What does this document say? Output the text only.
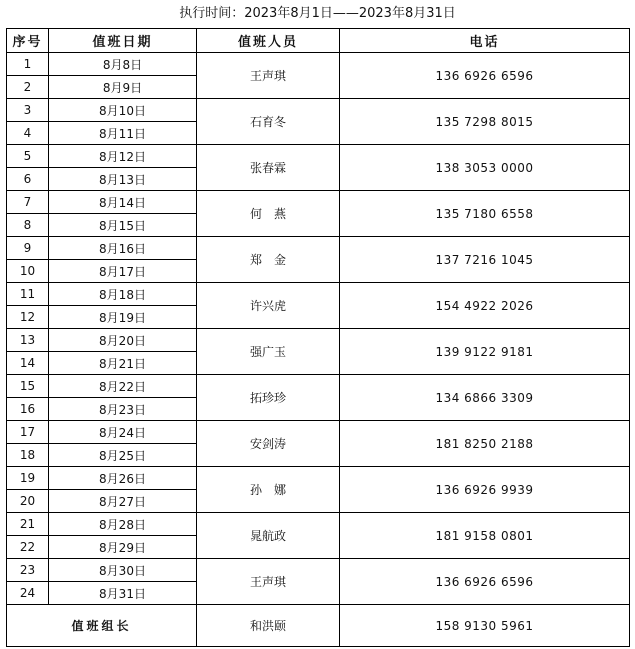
执行时间：2023年8月1日——2023年8月31日
序号	值班日期	值班人员	电话
1	8月8日	王声琪	136 6926 6596
2	8月9日		
3	8月10日	石育冬	135 7298 8015
4	8月11日		
5	8月12日	张春霖	138 3053 0000
6	8月13日		
7	8月14日	何　燕	135 7180 6558
8	8月15日		
9	8月16日	郑　金	137 7216 1045
10	8月17日		
11	8月18日	许兴虎	154 4922 2026
12	8月19日		
13	8月20日	强广玉	139 9122 9181
14	8月21日		
15	8月22日	拓珍珍	134 6866 3309
16	8月23日		
17	8月24日	安剑涛	181 8250 2188
18	8月25日		
19	8月26日	孙　娜	136 6926 9939
20	8月27日		
21	8月28日	晁航政	181 9158 0801
22	8月29日		
23	8月30日	王声琪	136 6926 6596
24	8月31日		
值班组长		和洪颐	158 9130 5961
